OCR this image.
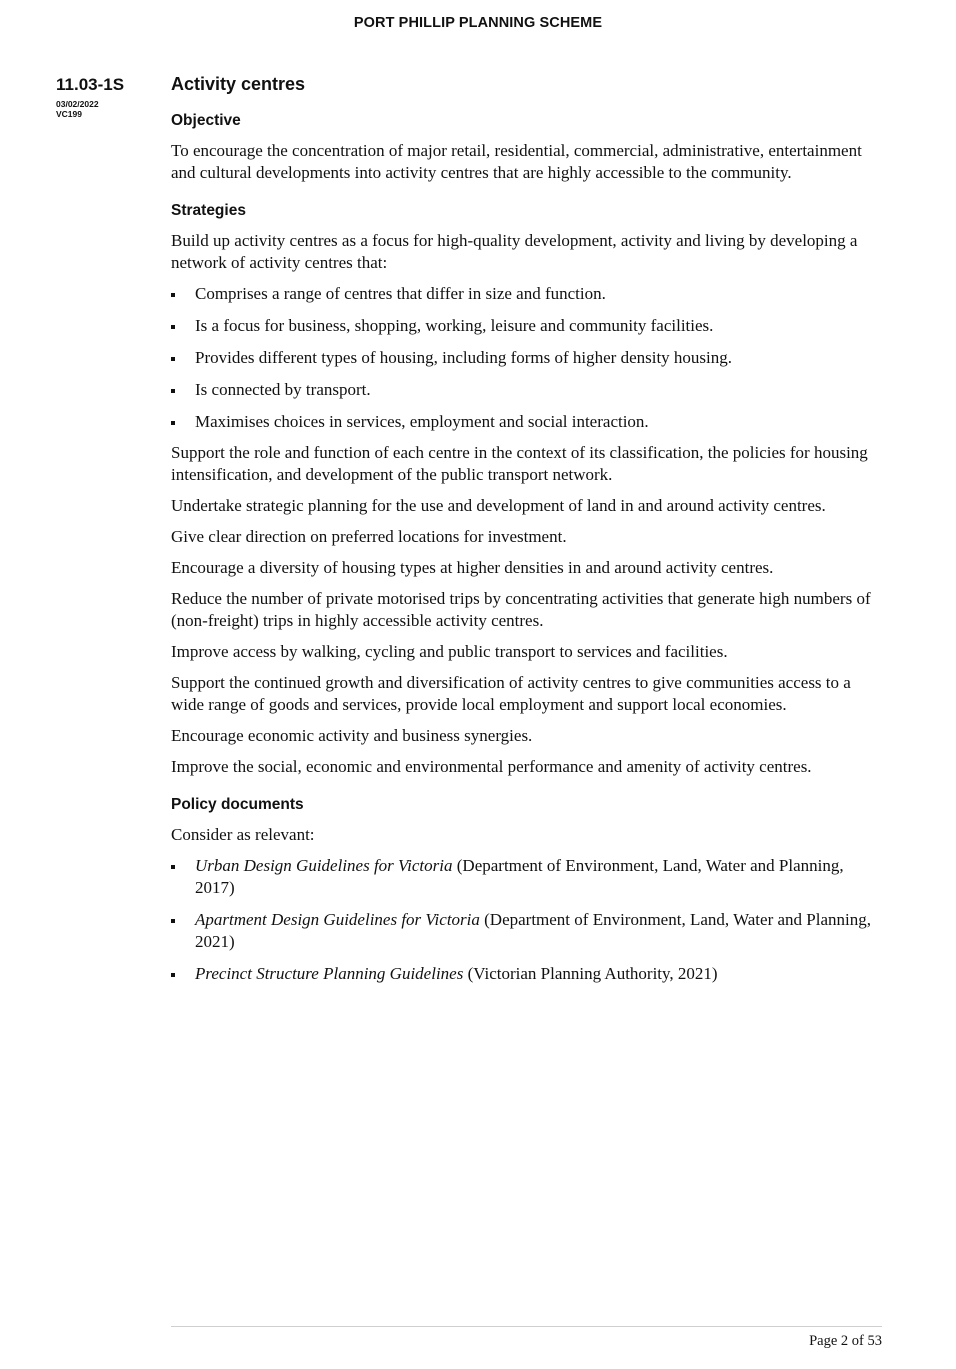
PORT PHILLIP PLANNING SCHEME
11.03-1S
03/02/2022
VC199
Activity centres
Objective

To encourage the concentration of major retail, residential, commercial, administrative, entertainment and cultural developments into activity centres that are highly accessible to the community.

Strategies

Build up activity centres as a focus for high-quality development, activity and living by developing a network of activity centres that:

Comprises a range of centres that differ in size and function.
Is a focus for business, shopping, working, leisure and community facilities.
Provides different types of housing, including forms of higher density housing.
Is connected by transport.
Maximises choices in services, employment and social interaction.

Support the role and function of each centre in the context of its classification, the policies for housing intensification, and development of the public transport network.

Undertake strategic planning for the use and development of land in and around activity centres.

Give clear direction on preferred locations for investment.

Encourage a diversity of housing types at higher densities in and around activity centres.

Reduce the number of private motorised trips by concentrating activities that generate high numbers of (non-freight) trips in highly accessible activity centres.

Improve access by walking, cycling and public transport to services and facilities.

Support the continued growth and diversification of activity centres to give communities access to a wide range of goods and services, provide local employment and support local economies.

Encourage economic activity and business synergies.

Improve the social, economic and environmental performance and amenity of activity centres.

Policy documents

Consider as relevant:

Urban Design Guidelines for Victoria (Department of Environment, Land, Water and Planning, 2017)
Apartment Design Guidelines for Victoria (Department of Environment, Land, Water and Planning, 2021)
Precinct Structure Planning Guidelines (Victorian Planning Authority, 2021)
Page 2 of 53
